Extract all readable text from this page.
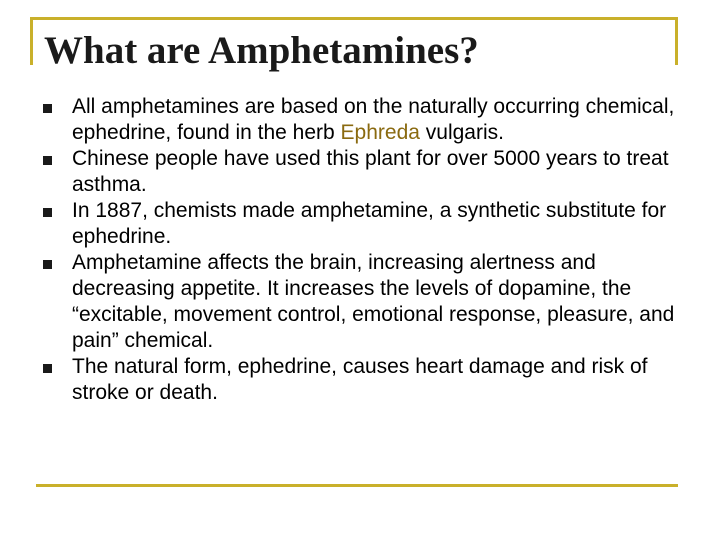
What are Amphetamines?
All amphetamines are based on the naturally occurring chemical, ephedrine, found in the herb Ephreda vulgaris.
Chinese people have used this plant for over 5000 years to treat asthma.
In 1887, chemists made amphetamine, a synthetic substitute for ephedrine.
Amphetamine affects the brain, increasing alertness and decreasing appetite. It increases the levels of dopamine, the “excitable, movement control, emotional response, pleasure, and pain” chemical.
The natural form, ephedrine, causes heart damage and risk of stroke or death.
